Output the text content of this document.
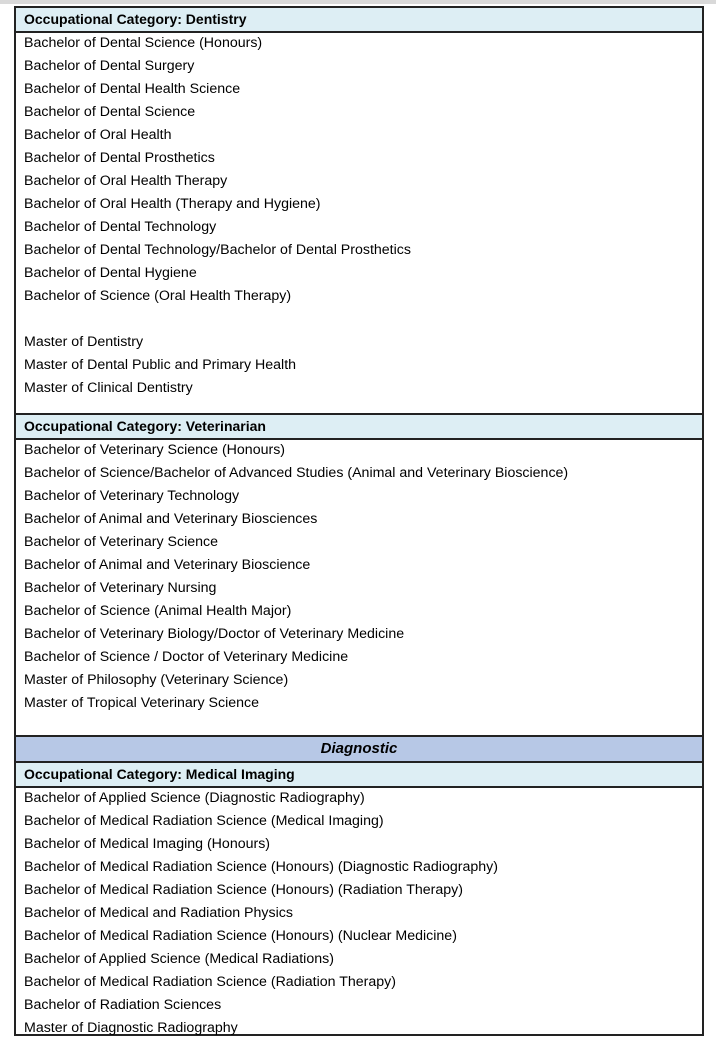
Occupational Category: Dentistry
Bachelor of Dental Science (Honours)
Bachelor of Dental Surgery
Bachelor of Dental Health Science
Bachelor of Dental Science
Bachelor of Oral Health
Bachelor of Dental Prosthetics
Bachelor of Oral Health Therapy
Bachelor of Oral Health (Therapy and Hygiene)
Bachelor of Dental Technology
Bachelor of Dental Technology/Bachelor of Dental Prosthetics
Bachelor of Dental Hygiene
Bachelor of Science (Oral Health Therapy)
Master of Dentistry
Master of Dental Public and Primary Health
Master of Clinical Dentistry
Occupational Category: Veterinarian
Bachelor of Veterinary Science (Honours)
Bachelor of Science/Bachelor of Advanced Studies (Animal and Veterinary Bioscience)
Bachelor of Veterinary Technology
Bachelor of Animal and Veterinary Biosciences
Bachelor of Veterinary Science
Bachelor of Animal and Veterinary Bioscience
Bachelor of Veterinary Nursing
Bachelor of Science (Animal Health Major)
Bachelor of Veterinary Biology/Doctor of Veterinary Medicine
Bachelor of Science / Doctor of Veterinary Medicine
Master of Philosophy (Veterinary Science)
Master of Tropical Veterinary Science
Diagnostic
Occupational Category: Medical Imaging
Bachelor of Applied Science (Diagnostic Radiography)
Bachelor of Medical Radiation Science (Medical Imaging)
Bachelor of Medical Imaging (Honours)
Bachelor of Medical Radiation Science (Honours) (Diagnostic Radiography)
Bachelor of Medical Radiation Science (Honours) (Radiation Therapy)
Bachelor of Medical and Radiation Physics
Bachelor of Medical Radiation Science (Honours) (Nuclear Medicine)
Bachelor of Applied Science (Medical Radiations)
Bachelor of Medical Radiation Science (Radiation Therapy)
Bachelor of Radiation Sciences
Master of Diagnostic Radiography
